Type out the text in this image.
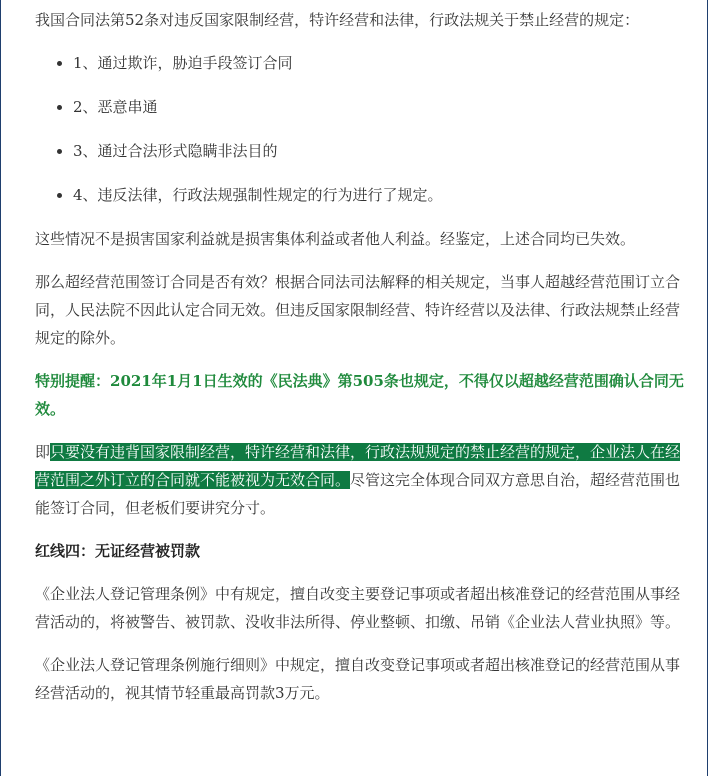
我国合同法第52条对违反国家限制经营，特许经营和法律，行政法规关于禁止经营的规定：

• 1、通过欺诈，胁迫手段签订合同
• 2、恶意串通
• 3、通过合法形式隐瞒非法目的
• 4、违反法律，行政法规强制性规定的行为进行了规定。

这些情况不是损害国家利益就是损害集体利益或者他人利益。经鉴定，上述合同均已失效。

那么超经营范围签订合同是否有效？根据合同法司法解释的相关规定，当事人超越经营范围订立合同，人民法院不因此认定合同无效。但违反国家限制经营、特许经营以及法律、行政法规禁止经营规定的除外。

特别提醒：2021年1月1日生效的《民法典》第505条也规定，不得仅以超越经营范围确认合同无效。

即只要没有违背国家限制经营，特许经营和法律，行政法规规定的禁止经营的规定，企业法人在经营范围之外订立的合同就不能被视为无效合同。尽管这完全体现合同双方意思自治，超经营范围也能签订合同，但老板们要讲究分寸。

红线四：无证经营被罚款

《企业法人登记管理条例》中有规定，擅自改变主要登记事项或者超出核准登记的经营范围从事经营活动的，将被警告、被罚款、没收非法所得、停业整顿、扣缴、吊销《企业法人营业执照》等。

《企业法人登记管理条例施行细则》中规定，擅自改变登记事项或者超出核准登记的经营范围从事经营活动的，视其情节轻重最高罚款3万元。
